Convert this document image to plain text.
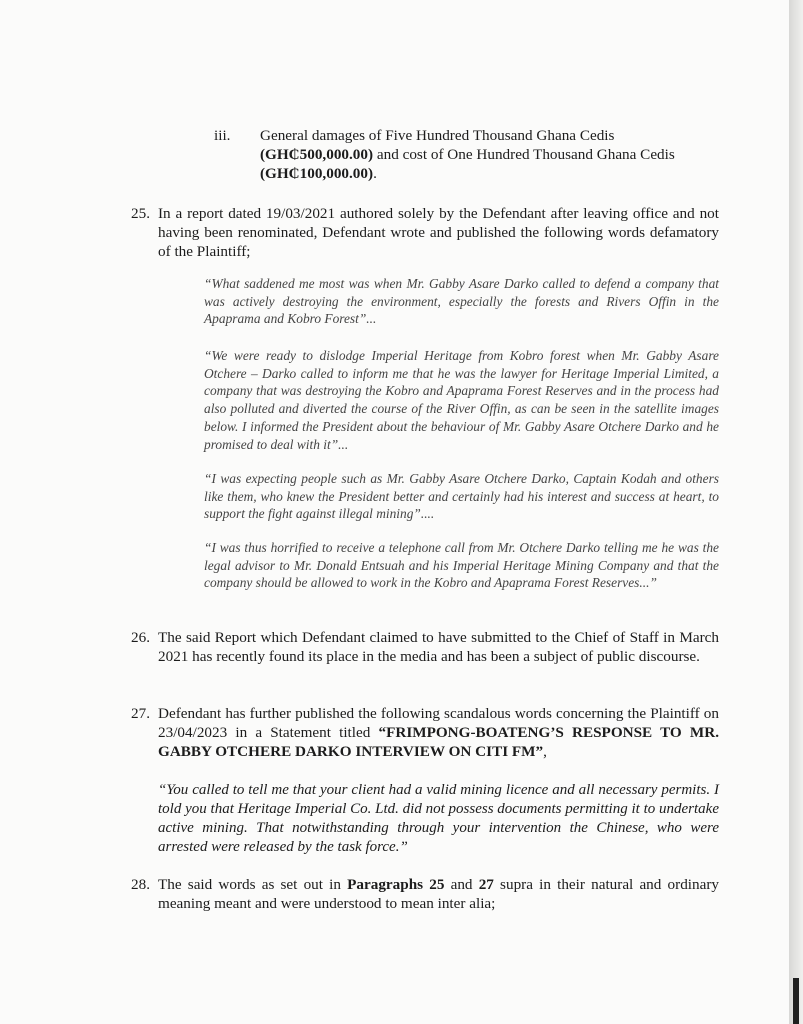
iii. General damages of Five Hundred Thousand Ghana Cedis
(GH₵500,000.00) and cost of One Hundred Thousand Ghana Cedis
(GH₵100,000.00).

25. In a report dated 19/03/2021 authored solely by the Defendant after leaving office and not having been renominated, Defendant wrote and published the following words defamatory of the Plaintiff;

“What saddened me most was when Mr. Gabby Asare Darko called to defend a company that was actively destroying the environment, especially the forests and Rivers Offin in the Apaprama and Kobro Forest”...

“We were ready to dislodge Imperial Heritage from Kobro forest when Mr. Gabby Asare Otchere – Darko called to inform me that he was the lawyer for Heritage Imperial Limited, a company that was destroying the Kobro and Apaprama Forest Reserves and in the process had also polluted and diverted the course of the River Offin, as can be seen in the satellite images below. I informed the President about the behaviour of Mr. Gabby Asare Otchere Darko and he promised to deal with it”...

“I was expecting people such as Mr. Gabby Asare Otchere Darko, Captain Kodah and others like them, who knew the President better and certainly had his interest and success at heart, to support the fight against illegal mining”....

“I was thus horrified to receive a telephone call from Mr. Otchere Darko telling me he was the legal advisor to Mr. Donald Entsuah and his Imperial Heritage Mining Company and that the company should be allowed to work in the Kobro and Apaprama Forest Reserves...”

26. The said Report which Defendant claimed to have submitted to the Chief of Staff in March 2021 has recently found its place in the media and has been a subject of public discourse.

27. Defendant has further published the following scandalous words concerning the Plaintiff on 23/04/2023 in a Statement titled “FRIMPONG-BOATENG’S RESPONSE TO MR. GABBY OTCHERE DARKO INTERVIEW ON CITI FM”,

“You called to tell me that your client had a valid mining licence and all necessary permits. I told you that Heritage Imperial Co. Ltd. did not possess documents permitting it to undertake active mining. That notwithstanding through your intervention the Chinese, who were arrested were released by the task force.”

28. The said words as set out in Paragraphs 25 and 27 supra in their natural and ordinary meaning meant and were understood to mean inter alia;
